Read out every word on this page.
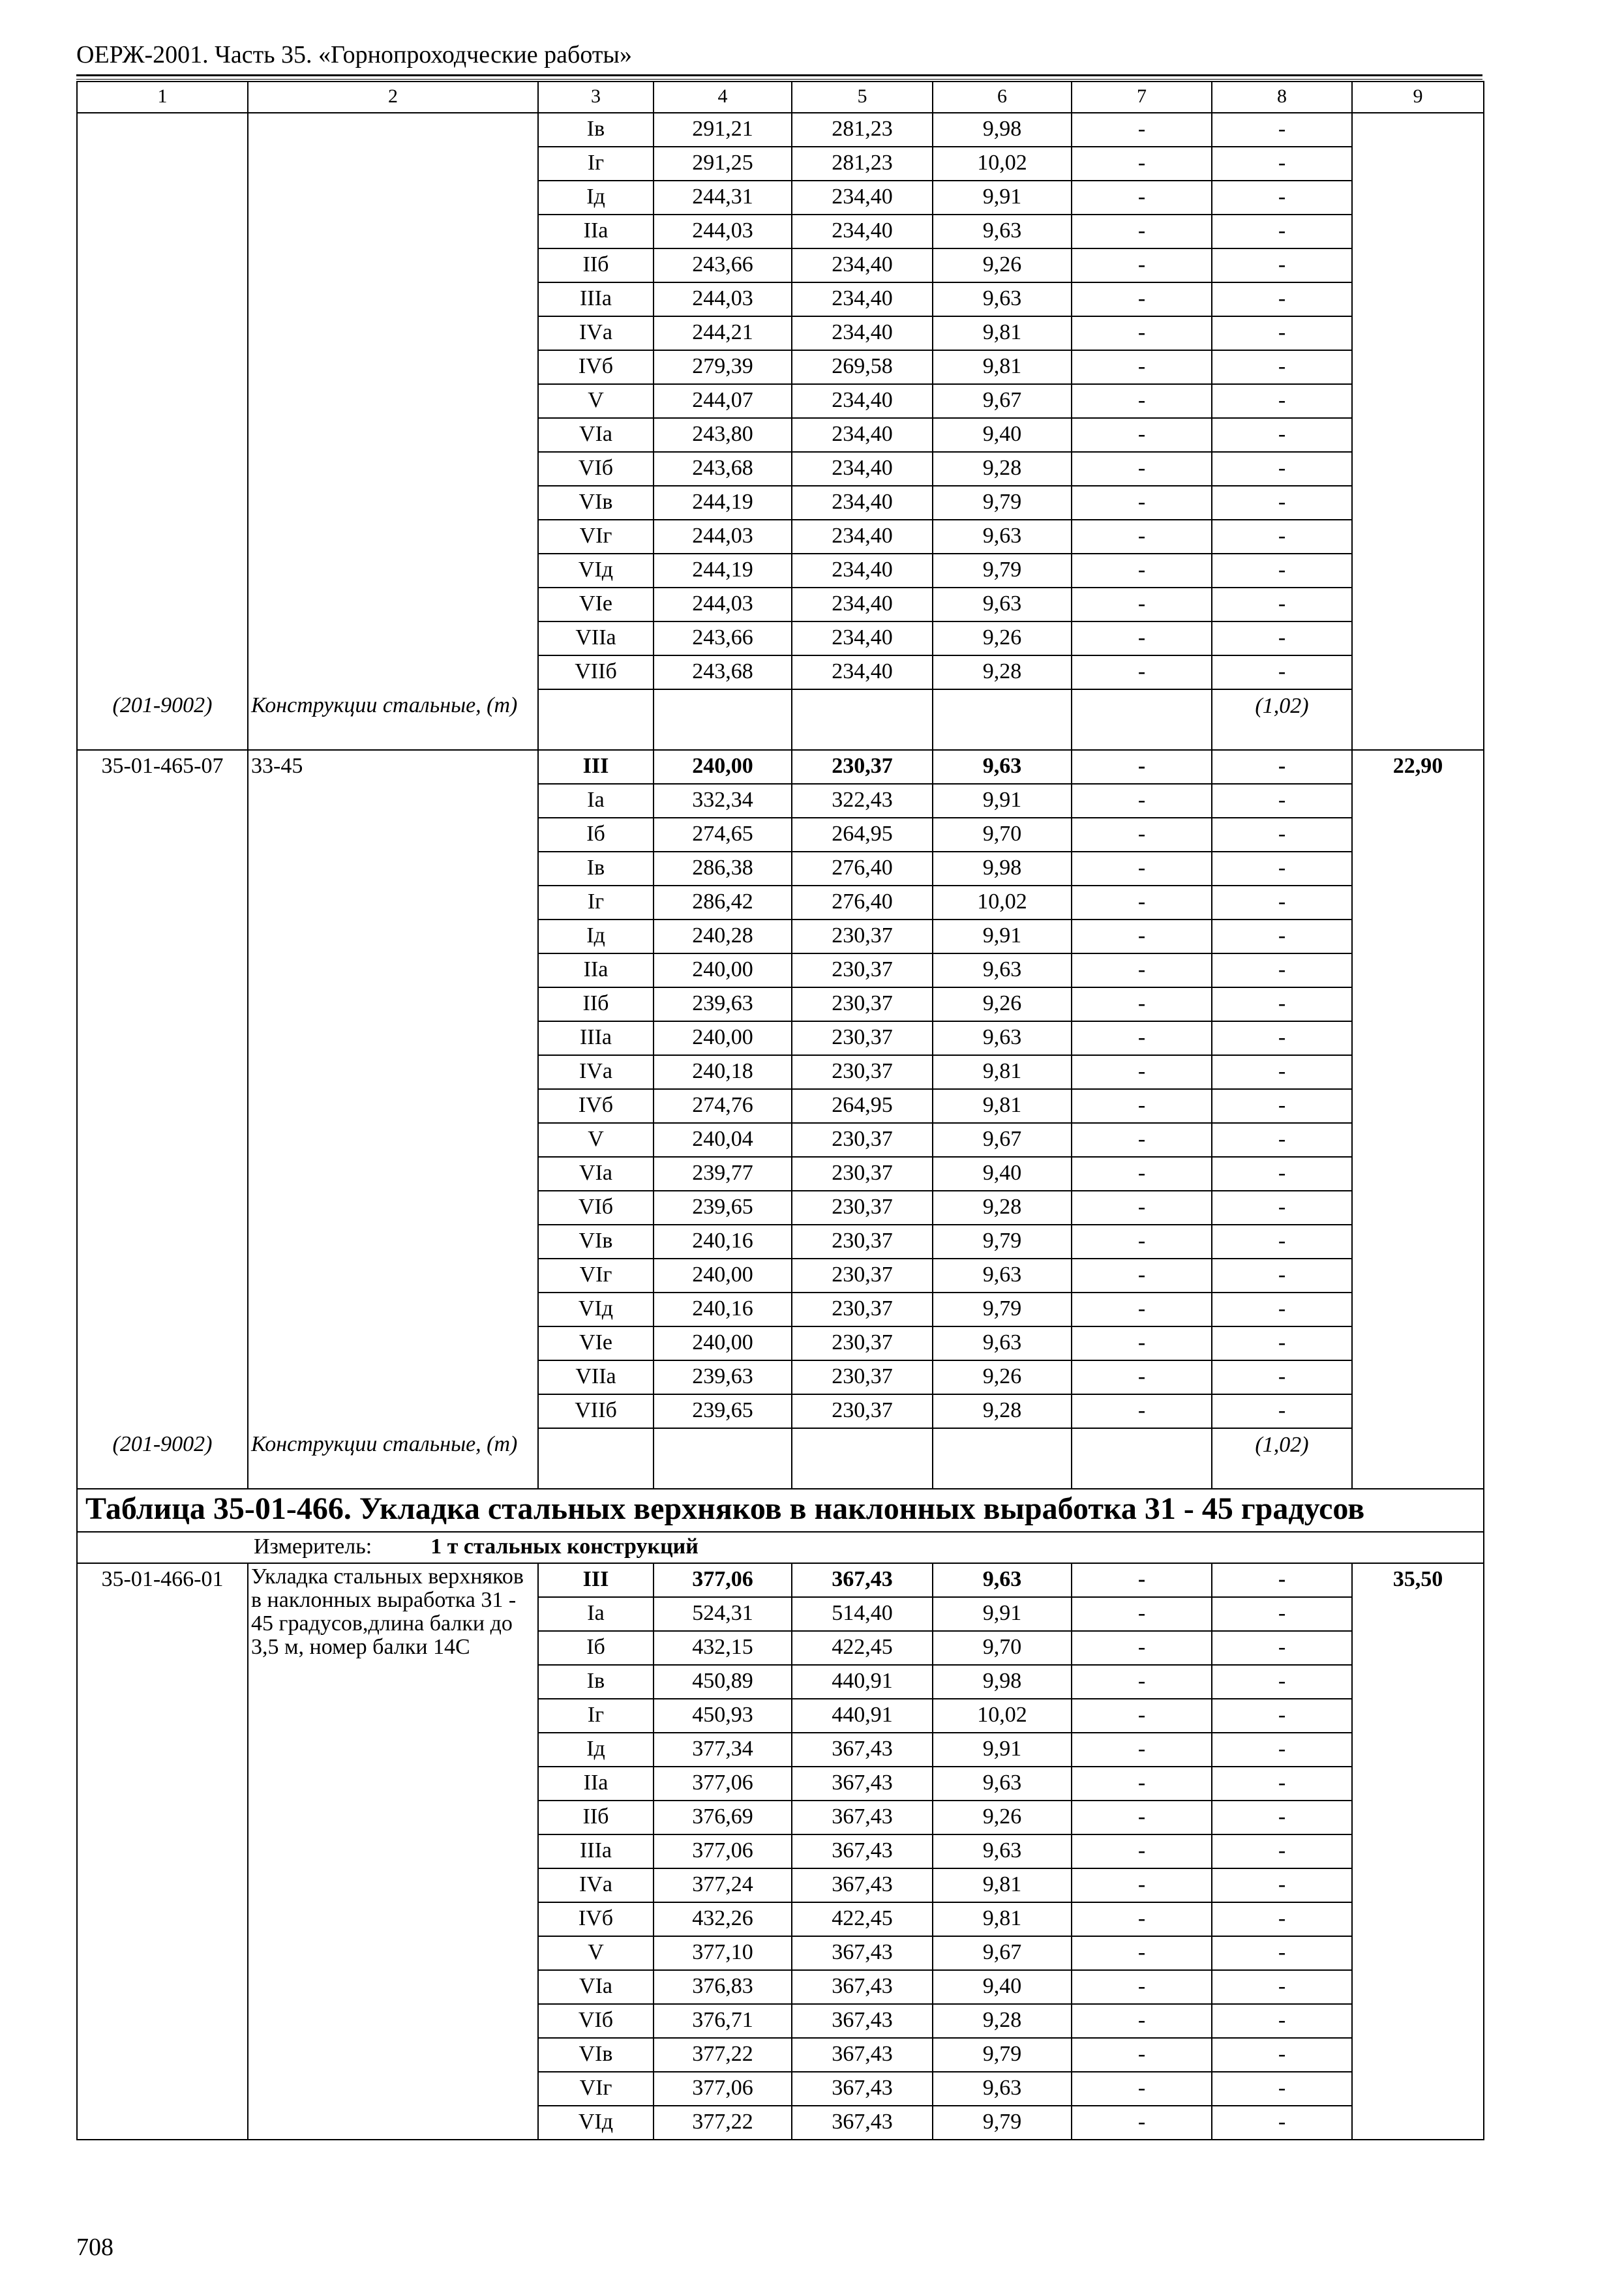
ОЕРЖ-2001. Часть 35. «Горнопроходческие работы»
1	2	3	4	5	6	7	8	9
		Iв	291,21	281,23	9,98	-	-	
		Iг	291,25	281,23	10,02	-	-	
		Iд	244,31	234,40	9,91	-	-	
		IIа	244,03	234,40	9,63	-	-	
		IIб	243,66	234,40	9,26	-	-	
		IIIа	244,03	234,40	9,63	-	-	
		IVа	244,21	234,40	9,81	-	-	
		IVб	279,39	269,58	9,81	-	-	
		V	244,07	234,40	9,67	-	-	
		VIа	243,80	234,40	9,40	-	-	
		VIб	243,68	234,40	9,28	-	-	
		VIв	244,19	234,40	9,79	-	-	
		VIг	244,03	234,40	9,63	-	-	
		VIд	244,19	234,40	9,79	-	-	
		VIе	244,03	234,40	9,63	-	-	
		VIIа	243,66	234,40	9,26	-	-	
		VIIб	243,68	234,40	9,28	-	-	
(201-9002)	Конструкции стальные, (т)						(1,02)	
35-01-465-07	33-45	III	240,00	230,37	9,63	-	-	22,90
		Iа	332,34	322,43	9,91	-	-	
		Iб	274,65	264,95	9,70	-	-	
		Iв	286,38	276,40	9,98	-	-	
		Iг	286,42	276,40	10,02	-	-	
		Iд	240,28	230,37	9,91	-	-	
		IIа	240,00	230,37	9,63	-	-	
		IIб	239,63	230,37	9,26	-	-	
		IIIа	240,00	230,37	9,63	-	-	
		IVа	240,18	230,37	9,81	-	-	
		IVб	274,76	264,95	9,81	-	-	
		V	240,04	230,37	9,67	-	-	
		VIа	239,77	230,37	9,40	-	-	
		VIб	239,65	230,37	9,28	-	-	
		VIв	240,16	230,37	9,79	-	-	
		VIг	240,00	230,37	9,63	-	-	
		VIд	240,16	230,37	9,79	-	-	
		VIе	240,00	230,37	9,63	-	-	
		VIIа	239,63	230,37	9,26	-	-	
		VIIб	239,65	230,37	9,28	-	-	
(201-9002)	Конструкции стальные, (т)						(1,02)	
Таблица 35-01-466. Укладка стальных верхняков в наклонных выработка 31 - 45 градусов								
Измеритель: 1 т стальных конструкций								
35-01-466-01	Укладка стальных верхняков в наклонных выработка 31 - 45 градусов,длина балки до 3,5 м, номер балки 14С	III	377,06	367,43	9,63	-	-	35,50
		Iа	524,31	514,40	9,91	-	-	
		Iб	432,15	422,45	9,70	-	-	
		Iв	450,89	440,91	9,98	-	-	
		Iг	450,93	440,91	10,02	-	-	
		Iд	377,34	367,43	9,91	-	-	
		IIа	377,06	367,43	9,63	-	-	
		IIб	376,69	367,43	9,26	-	-	
		IIIа	377,06	367,43	9,63	-	-	
		IVа	377,24	367,43	9,81	-	-	
		IVб	432,26	422,45	9,81	-	-	
		V	377,10	367,43	9,67	-	-	
		VIа	376,83	367,43	9,40	-	-	
		VIб	376,71	367,43	9,28	-	-	
		VIв	377,22	367,43	9,79	-	-	
		VIг	377,06	367,43	9,63	-	-	
		VIд	377,22	367,43	9,79	-	-	
708
